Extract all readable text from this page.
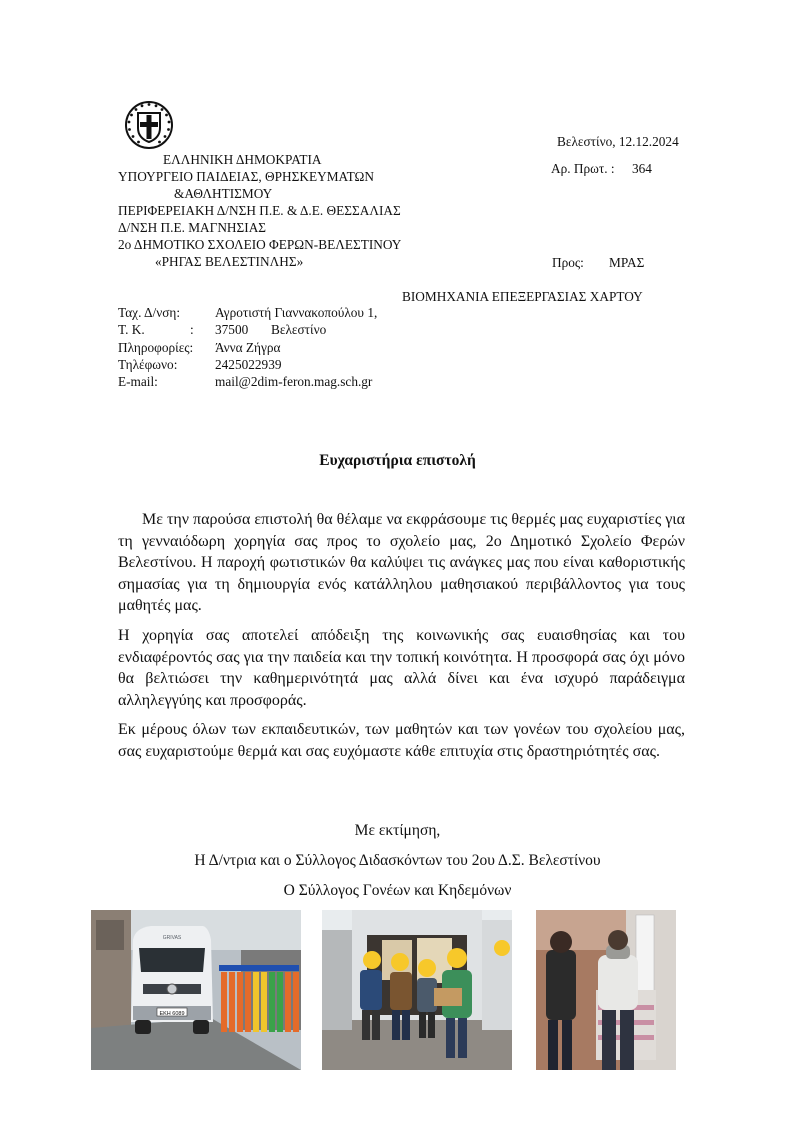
Βελεστίνο, 12.12.2024
Αρ. Πρωτ. : 364
ΕΛΛΗΝΙΚΗ ΔΗΜΟΚΡΑΤΙΑ
ΥΠΟΥΡΓΕΙΟ ΠΑΙΔΕΙΑΣ, ΘΡΗΣΚΕΥΜΑΤΩΝ
&ΑΘΛΗΤΙΣΜΟΥ
ΠΕΡΙΦΕΡΕΙΑΚΗ Δ/ΝΣΗ Π.Ε. & Δ.Ε. ΘΕΣΣΑΛΙΑΣ
Δ/ΝΣΗ Π.Ε. ΜΑΓΝΗΣΙΑΣ
2ο ΔΗΜΟΤΙΚΟ ΣΧΟΛΕΙΟ ΦΕΡΩΝ-ΒΕΛΕΣΤΙΝΟΥ
«ΡΗΓΑΣ ΒΕΛΕΣΤΙΝΛΗΣ»	Προς: ΜΡΑΣ
ΒΙΟΜΗΧΑΝΙΑ ΕΠΕΞΕΡΓΑΣΙΑΣ ΧΑΡΤΟΥ
Ταχ. Δ/νση:	Αγροτιστή Γιαννακοπούλου 1,
Τ. Κ.	: 37500 Βελεστίνο
Πληροφορίες: Άννα Ζήγρα
Τηλέφωνο:	2425022939
E-mail:	mail@2dim-feron.mag.sch.gr
Ευχαριστήρια επιστολή
Με την παρούσα επιστολή θα θέλαμε να εκφράσουμε τις θερμές μας ευχαριστίες για τη γενναιόδωρη χορηγία σας προς το σχολείο μας, 2ο Δημοτικό Σχολείο Φερών Βελεστίνου. Η παροχή φωτιστικών θα καλύψει τις ανάγκες μας που είναι καθοριστικής σημασίας για τη δημιουργία ενός κατάλληλου μαθησιακού περιβάλλοντος για τους μαθητές μας.
Η χορηγία σας αποτελεί απόδειξη της κοινωνικής σας ευαισθησίας και του ενδιαφέροντός σας για την παιδεία και την τοπική κοινότητα. Η προσφορά σας όχι μόνο θα βελτιώσει την καθημερινότητά μας αλλά δίνει και ένα ισχυρό παράδειγμα αλληλεγγύης και προσφοράς.
Εκ μέρους όλων των εκπαιδευτικών, των μαθητών και των γονέων του σχολείου μας, σας ευχαριστούμε θερμά και σας ευχόμαστε κάθε επιτυχία στις δραστηριότητές σας.
Με εκτίμηση,
Η Δ/ντρια και ο Σύλλογος Διδασκόντων του 2ου Δ.Σ. Βελεστίνου
Ο Σύλλογος Γονέων και Κηδεμόνων
ΕΚΗ 6089
GRIVAS
